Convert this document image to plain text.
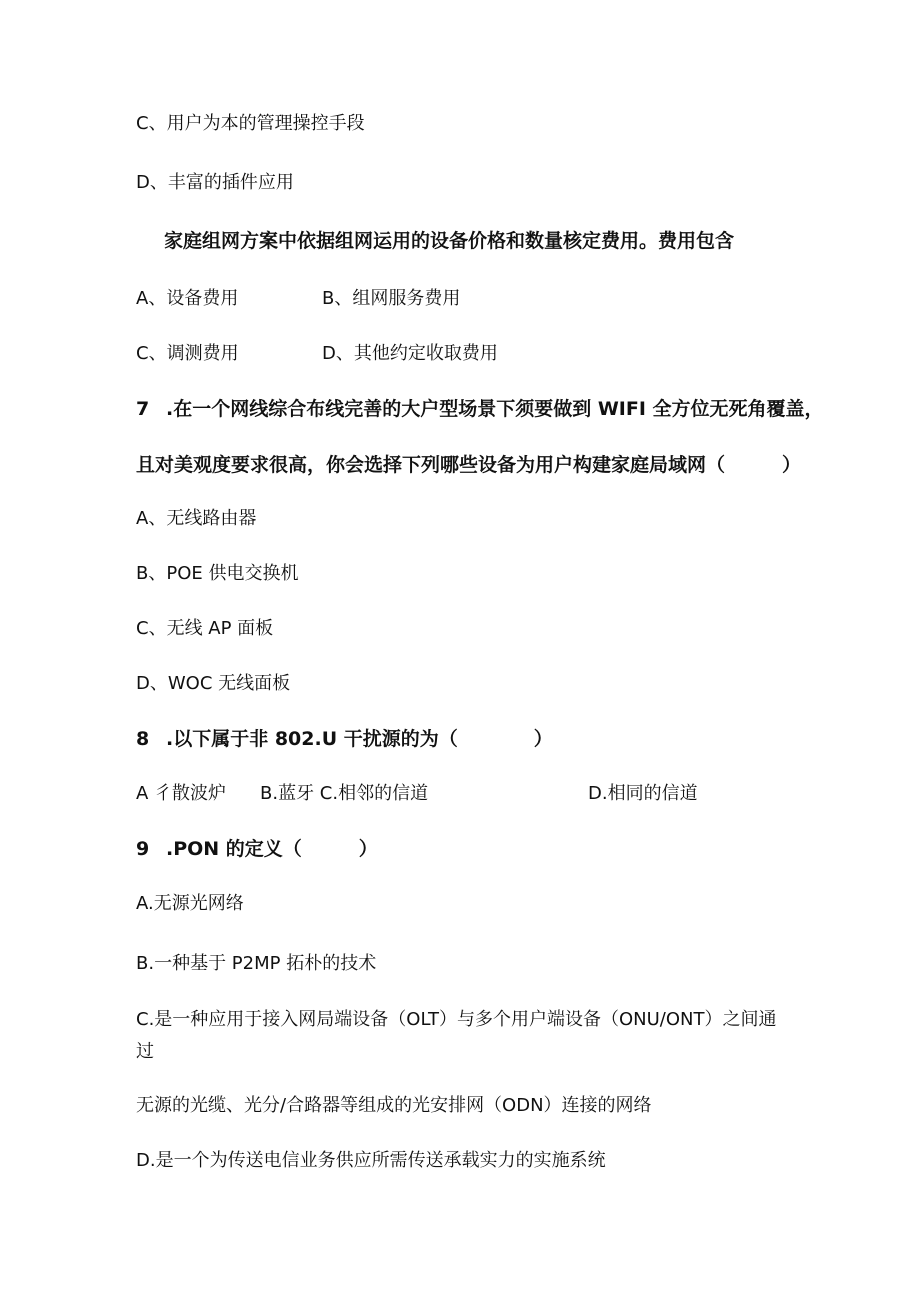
C、用户为本的管理操控手段
D、丰富的插件应用
家庭组网方案中依据组网运用的设备价格和数量核定费用。费用包含
A、设备费用	B、组网服务费用
C、调测费用	D、其他约定收取费用
7 .在一个网线综合布线完善的大户型场景下须要做到 WIFI 全方位无死角覆盖，
且对美观度要求很高，你会选择下列哪些设备为用户构建家庭局域网（　　　）
A、无线路由器
B、POE 供电交换机
C、无线 AP 面板
D、WOC 无线面板
8 .以下属于非 802.U 干扰源的为（　　　　）
A 彳散波炉 B.蓝牙 C.相邻的信道	D.相同的信道
9 .PON 的定义（　　　）
A.无源光网络
B.一种基于 P2MP 拓朴的技术
C.是一种应用于接入网局端设备（OLT）与多个用户端设备（ONU/ONT）之间通
过
无源的光缆、光分/合路器等组成的光安排网（ODN）连接的网络
D.是一个为传送电信业务供应所需传送承载实力的实施系统
